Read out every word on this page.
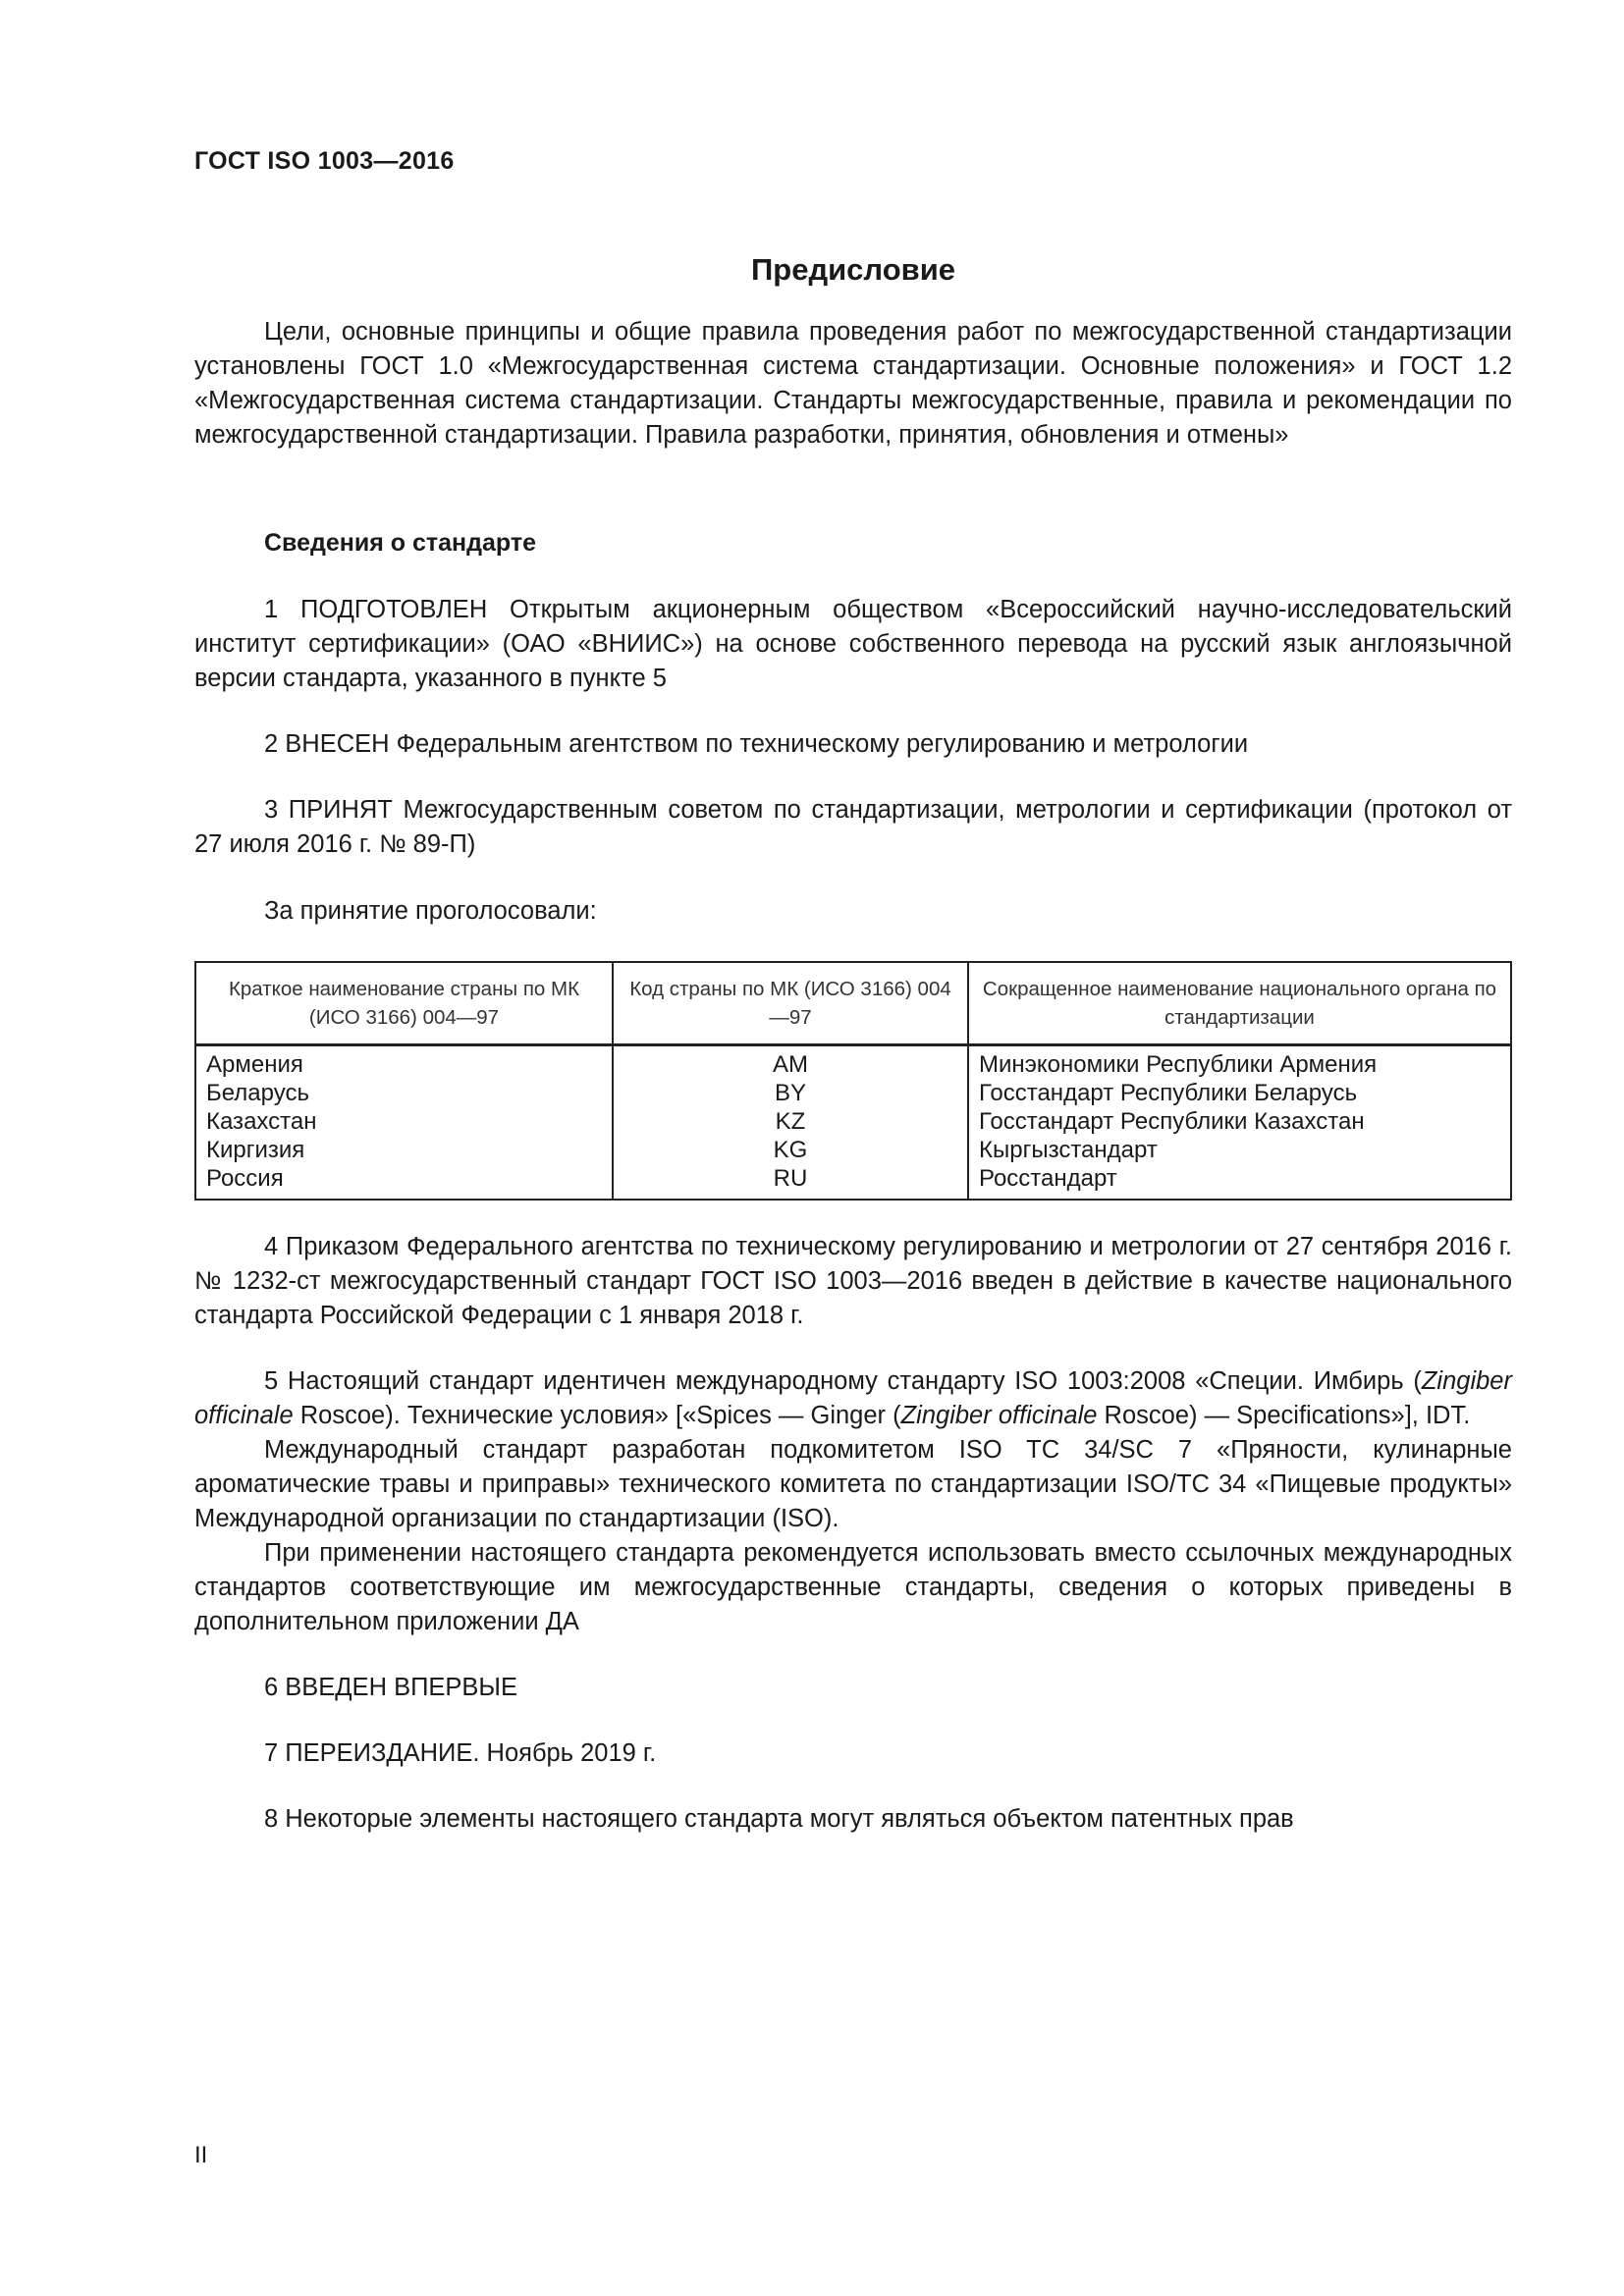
ГОСТ ISO 1003—2016
Предисловие

Цели, основные принципы и общие правила проведения работ по межгосударственной стандартизации установлены ГОСТ 1.0 «Межгосударственная система стандартизации. Основные положения» и ГОСТ 1.2 «Межгосударственная система стандартизации. Стандарты межгосударственные, правила и рекомендации по межгосударственной стандартизации. Правила разработки, принятия, обновления и отмены»

Сведения о стандарте

1 ПОДГОТОВЛЕН Открытым акционерным обществом «Всероссийский научно-исследовательский институт сертификации» (ОАО «ВНИИС») на основе собственного перевода на русский язык англоязычной версии стандарта, указанного в пункте 5

2 ВНЕСЕН Федеральным агентством по техническому регулированию и метрологии

3 ПРИНЯТ Межгосударственным советом по стандартизации, метрологии и сертификации (протокол от 27 июля 2016 г. № 89-П)

За принятие проголосовали:

Краткое наименование страны по МК (ИСО 3166) 004—97	Код страны по МК (ИСО 3166) 004—97	Сокращенное наименование национального органа по стандартизации
Армения	AM	Минэкономики Республики Армения
Беларусь	BY	Госстандарт Республики Беларусь
Казахстан	KZ	Госстандарт Республики Казахстан
Киргизия	KG	Кыргызстандарт
Россия	RU	Росстандарт

4 Приказом Федерального агентства по техническому регулированию и метрологии от 27 сентября 2016 г. № 1232-ст межгосударственный стандарт ГОСТ ISO 1003—2016 введен в действие в качестве национального стандарта Российской Федерации с 1 января 2018 г.

5 Настоящий стандарт идентичен международному стандарту ISO 1003:2008 «Специи. Имбирь (Zingiber officinale Roscoe). Технические условия» [«Spices — Ginger (Zingiber officinale Roscoe) — Specifications»], IDT.

Международный стандарт разработан подкомитетом ISO TC 34/SC 7 «Пряности, кулинарные ароматические травы и приправы» технического комитета по стандартизации ISO/TC 34 «Пищевые продукты» Международной организации по стандартизации (ISO).

При применении настоящего стандарта рекомендуется использовать вместо ссылочных международных стандартов соответствующие им межгосударственные стандарты, сведения о которых приведены в дополнительном приложении ДА

6 ВВЕДЕН ВПЕРВЫЕ

7 ПЕРЕИЗДАНИЕ. Ноябрь 2019 г.

8 Некоторые элементы настоящего стандарта могут являться объектом патентных прав

II
